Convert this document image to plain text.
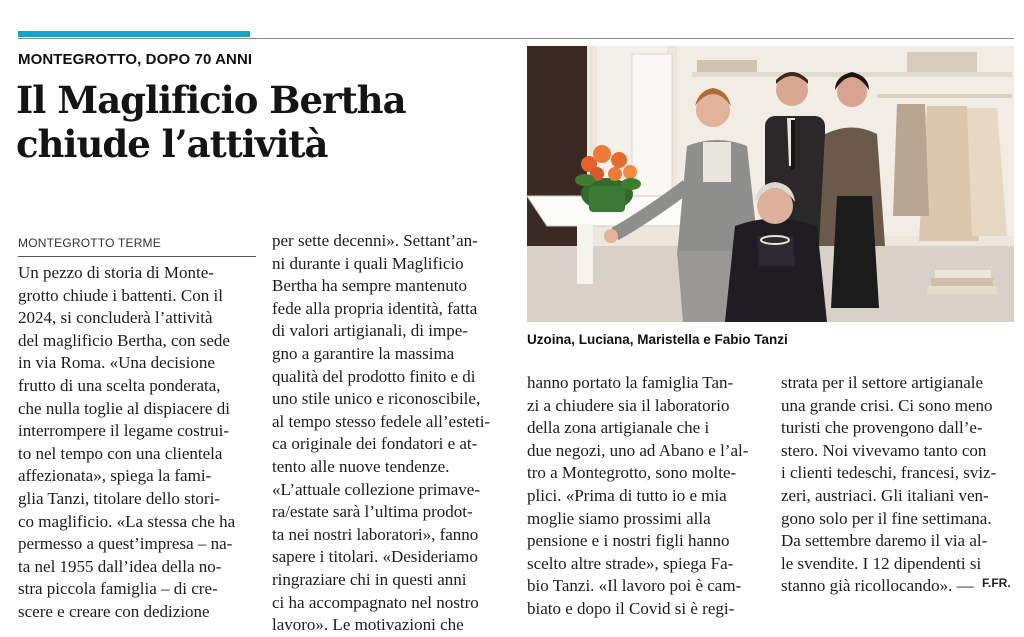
MONTEGROTTO, DOPO 70 ANNI
Il Maglificio Bertha
chiude l’attività
MONTEGROTTO TERME
Un pezzo di storia di Monte-
grotto chiude i battenti. Con il
2024, si concluderà l’attività
del maglificio Bertha, con sede
in via Roma. «Una decisione
frutto di una scelta ponderata,
che nulla toglie al dispiacere di
interrompere il legame costrui-
to nel tempo con una clientela
affezionata», spiega la fami-
glia Tanzi, titolare dello stori-
co maglificio. «La stessa che ha
permesso a quest’impresa – na-
ta nel 1955 dall’idea della no-
stra piccola famiglia – di cre-
scere e creare con dedizione
per sette decenni». Settant’an-
ni durante i quali Maglificio
Bertha ha sempre mantenuto
fede alla propria identità, fatta
di valori artigianali, di impe-
gno a garantire la massima
qualità del prodotto finito e di
uno stile unico e riconoscibile,
al tempo stesso fedele all’esteti-
ca originale dei fondatori e at-
tento alle nuove tendenze.
«L’attuale collezione primave-
ra/estate sarà l’ultima prodot-
ta nei nostri laboratori», fanno
sapere i titolari. «Desideriamo
ringraziare chi in questi anni
ci ha accompagnato nel nostro
lavoro». Le motivazioni che
hanno portato la famiglia Tan-
zi a chiudere sia il laboratorio
della zona artigianale che i
due negozi, uno ad Abano e l’al-
tro a Montegrotto, sono molte-
plici. «Prima di tutto io e mia
moglie siamo prossimi alla
pensione e i nostri figli hanno
scelto altre strade», spiega Fa-
bio Tanzi. «Il lavoro poi è cam-
biato e dopo il Covid si è regi-
strata per il settore artigianale
una grande crisi. Ci sono meno
turisti che provengono dall’e-
stero. Noi vivevamo tanto con
i clienti tedeschi, francesi, sviz-
zeri, austriaci. Gli italiani ven-
gono solo per il fine settimana.
Da settembre daremo il via al-
le svendite. I 12 dipendenti si
stanno già ricollocando». —
Uzoina, Luciana, Maristella e Fabio Tanzi
F.FR.
